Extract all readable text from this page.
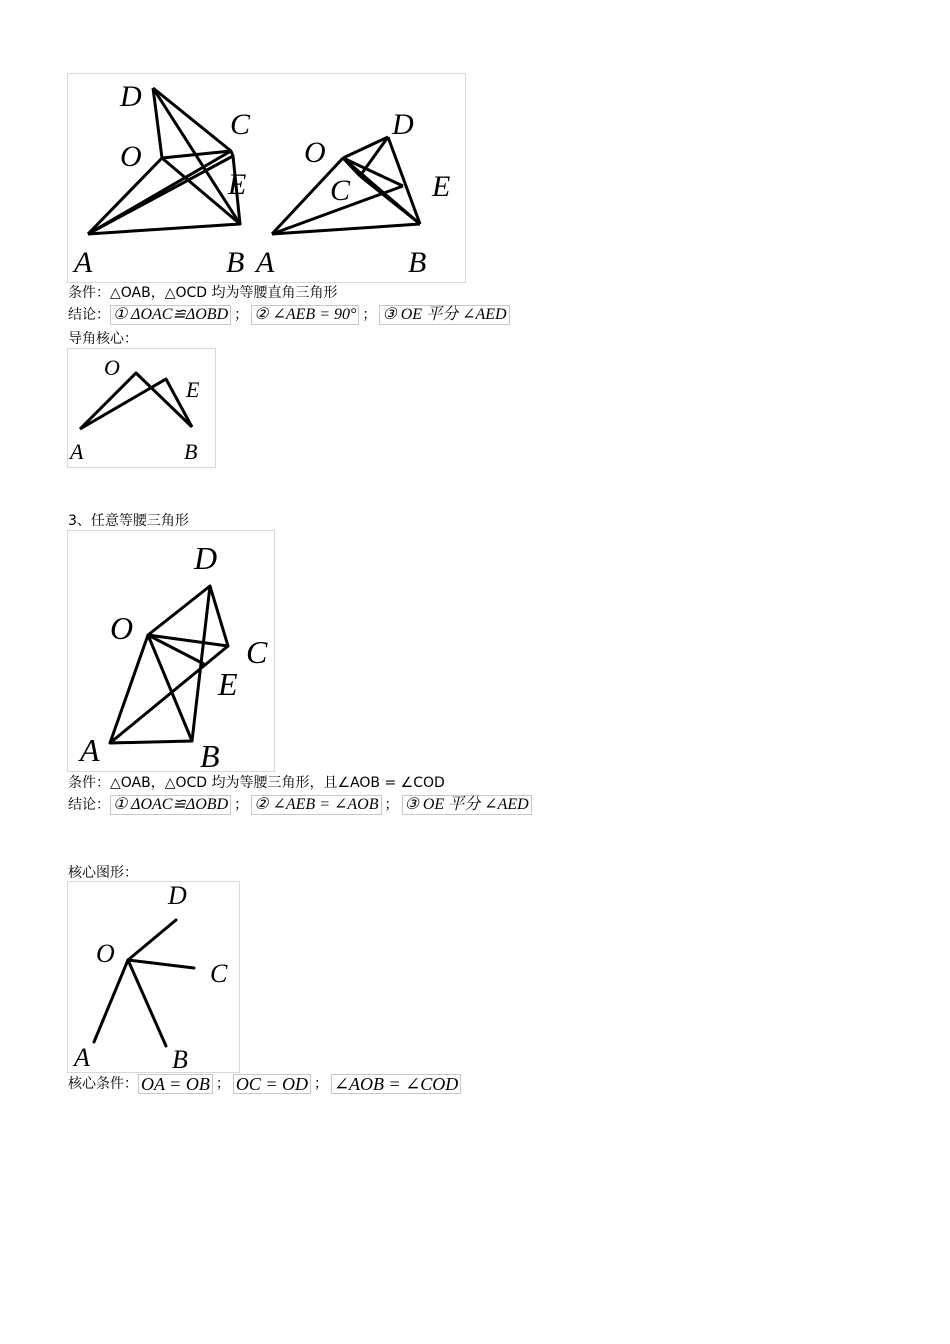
D
C
O
E
A	B
O
D
C	E
A	B
条件：△OAB，△OCD 均为等腰直角三角形
结论： ① ΔOAC≌ΔOBD ； ② ∠AEB = 90° ； ③ OE 平分 ∠AED
导角核心：
O
E
A	B
3、任意等腰三角形
D
O
C
E
A	B
条件：△OAB，△OCD 均为等腰三角形，且∠AOB = ∠COD
结论： ① ΔOAC≌ΔOBD ； ② ∠AEB = ∠AOB ； ③ OE 平分 ∠AED
核心图形：
D
O
C
A	B
核心条件： OA = OB ； OC = OD ； ∠AOB = ∠COD
